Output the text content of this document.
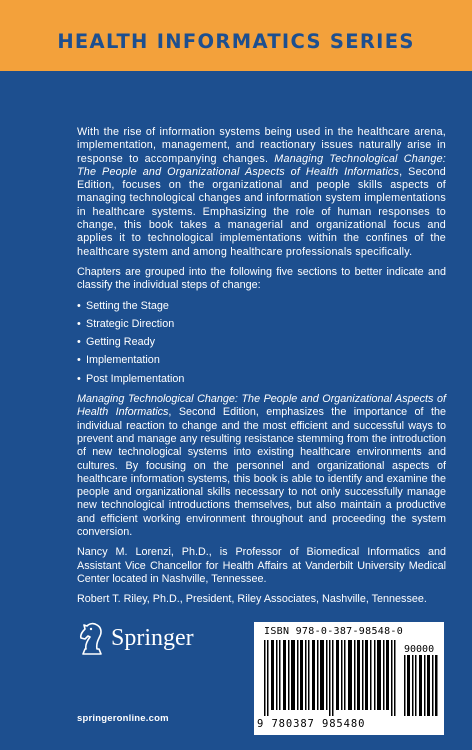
HEALTH INFORMATICS SERIES

With the rise of information systems being used in the healthcare arena, implementation, management, and reactionary issues naturally arise in response to accompanying changes. Managing Technological Change: The People and Organizational Aspects of Health Informatics, Second Edition, focuses on the organizational and people skills aspects of managing technological changes and information system implementations in healthcare systems. Emphasizing the role of human responses to change, this book takes a managerial and organizational focus and applies it to technological implementations within the confines of the healthcare system and among healthcare professionals specifically.

Chapters are grouped into the following five sections to better indicate and classify the individual steps of change:

• Setting the Stage
• Strategic Direction
• Getting Ready
• Implementation
• Post Implementation

Managing Technological Change: The People and Organizational Aspects of Health Informatics, Second Edition, emphasizes the importance of the individual reaction to change and the most efficient and successful ways to prevent and manage any resulting resistance stemming from the introduction of new technological systems into existing healthcare environments and cultures. By focusing on the personnel and organizational aspects of healthcare information systems, this book is able to identify and examine the people and organizational skills necessary to not only successfully manage new technological introductions themselves, but also maintain a productive and efficient working environment throughout and proceeding the system conversion.

Nancy M. Lorenzi, Ph.D., is Professor of Biomedical Informatics and Assistant Vice Chancellor for Health Affairs at Vanderbilt University Medical Center located in Nashville, Tennessee.

Robert T. Riley, Ph.D., President, Riley Associates, Nashville, Tennessee.

Springer
springeronline.com
ISBN 978-0-387-98548-0
90000
9 780387 985480
